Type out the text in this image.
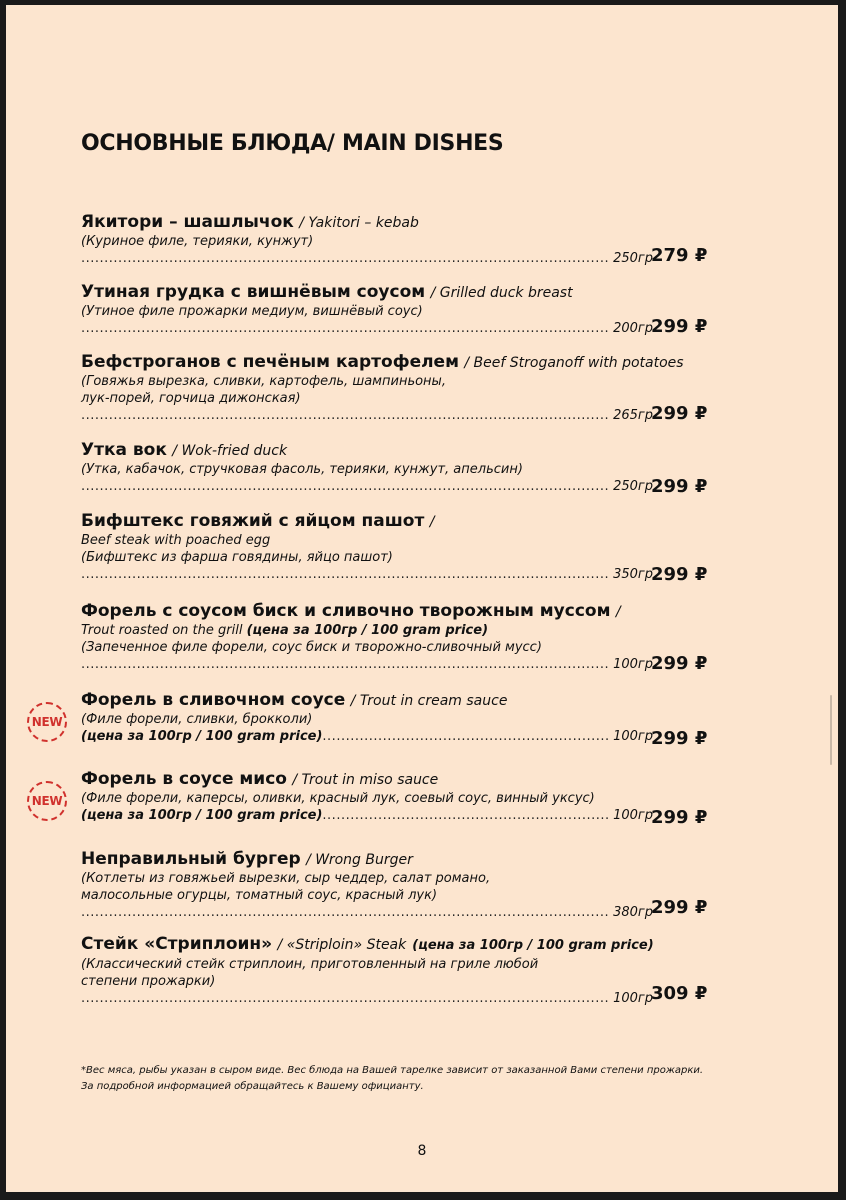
ОСНОВНЫЕ БЛЮДА/ MAIN DISHES
Якитори – шашлычок / Yakitori – kebab
(Куриное филе, терияки, кунжут)
.....
250гр
279 ₽
Утиная грудка с вишнёвым соусом / Grilled duck breast
(Утиное филе прожарки медиум, вишнёвый соус)
.....
200гр
299 ₽
Бефстроганов с печёным картофелем / Beef Stroganoff with potatoes
(Говяжья вырезка, сливки, картофель, шампиньоны,
лук-порей, горчица дижонская)
.....
265гр
299 ₽
Утка вок / Wok-fried duck
(Утка, кабачок, стручковая фасоль, терияки, кунжут, апельсин)
.....
250гр
299 ₽
Бифштекс говяжий с яйцом пашот /
Beef steak with poached egg
(Бифштекс из фарша говядины, яйцо пашот)
.....
350гр
299 ₽
Форель с соусом биск и сливочно творожным муссом /
Trout roasted on the grill (цена за 100гр / 100 gram price)
(Запеченное филе форели, соус биск и творожно-сливочный мусс)
.....
100гр
299 ₽
NEW
Форель в сливочном соусе / Trout in cream sauce
(Филе форели, сливки, брокколи)
(цена за 100гр / 100 gram price) .....	100гр
299 ₽
NEW
Форель в соусе мисо / Trout in miso sauce
(Филе форели, каперсы, оливки, красный лук, соевый соус, винный уксус)
(цена за 100гр / 100 gram price) .....	100гр
299 ₽
Неправильный бургер / Wrong Burger
(Котлеты из говяжьей вырезки, сыр чеддер, салат романо,
малосольные огурцы, томатный соус, красный лук)
.....
380гр
299 ₽
Стейк «Стриплоин» / «Striploin» Steak (цена за 100гр / 100 gram price)
(Классический стейк стриплоин, приготовленный на гриле любой
степени прожарки)
.....
100гр
309 ₽
*Вес мяса, рыбы указан в сыром виде. Вес блюда на Вашей тарелке зависит от заказанной Вами степени прожарки.
За подробной информацией обращайтесь к Вашему официанту.
8
